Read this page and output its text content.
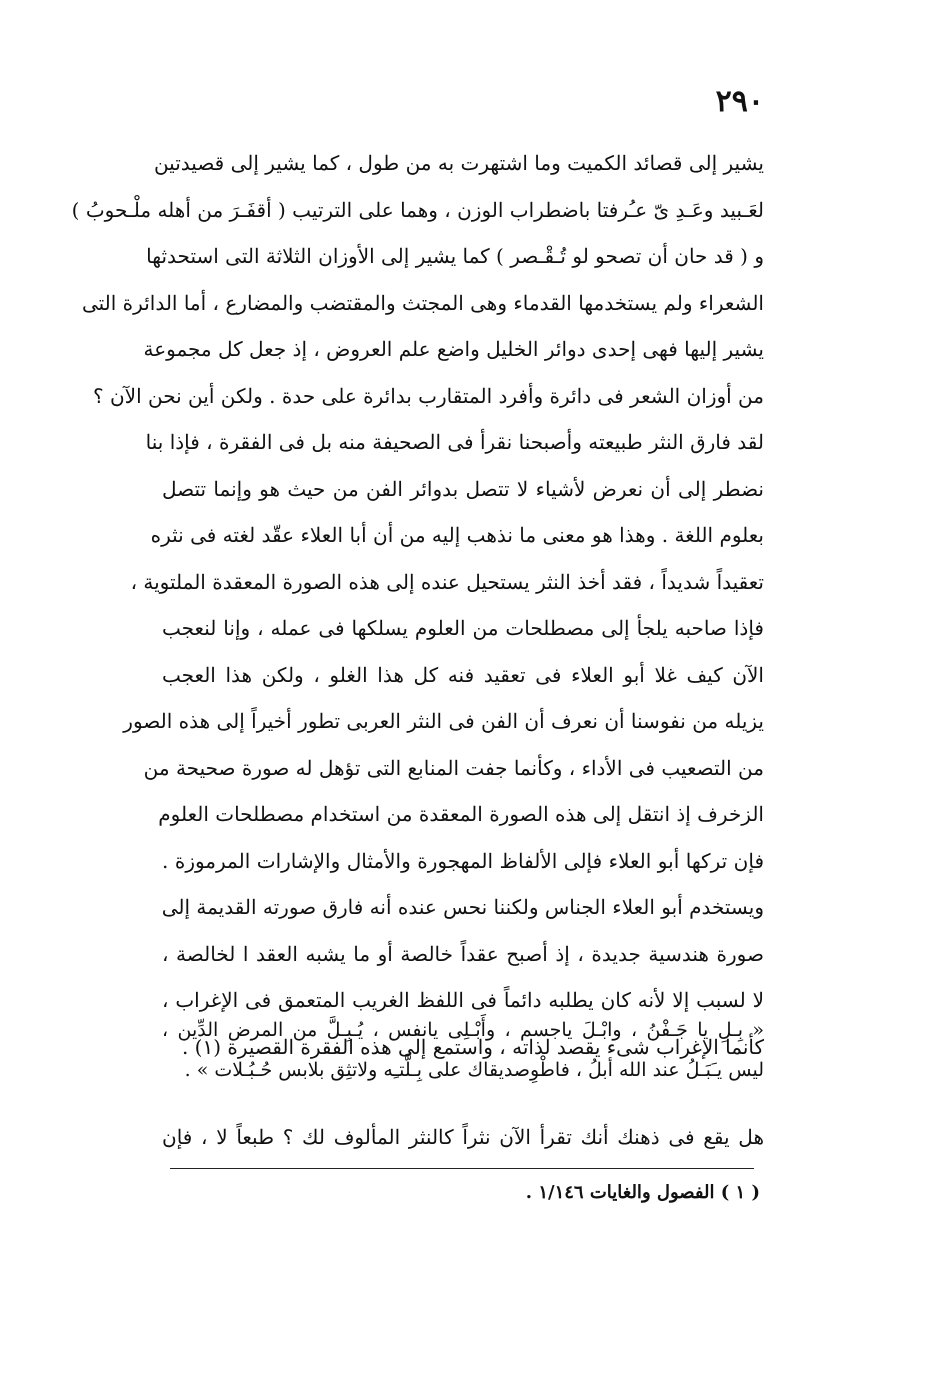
٢٩٠
يشير إلى قصائد الكميت وما اشتهرت به من طول ، كما يشير إلى قصيدتين
لعَـبيد وعَـدِ ىّ عـُرفتا باضطراب الوزن ، وهما على الترتيب ( أقفَـرَ من أهله ملْـحوبُ )
و ( قد حان أن تصحو لو تُـقْـصر ) كما يشير إلى الأوزان الثلاثة التى استحدثها
الشعراء ولم يستخدمها القدماء وهى المجتث والمقتضب والمضارع ، أما الدائرة التى
يشير إليها فهى إحدى دوائر الخليل واضع علم العروض ، إذ جعل كل مجموعة
من أوزان الشعر فى دائرة وأفرد المتقارب بدائرة على حدة . ولكن أين نحن الآن ؟
لقد فارق النثر طبيعته وأصبحنا نقرأ فى الصحيفة منه بل فى الفقرة ، فإذا بنا
نضطر إلى أن نعرض لأشياء لا تتصل بدوائر الفن من حيث هو وإنما تتصل
بعلوم اللغة . وهذا هو معنى ما نذهب إليه من أن أبا العلاء عقّد لغته فى نثره
تعقيداً شديداً ، فقد أخذ النثر يستحيل عنده إلى هذه الصورة المعقدة الملتوية ،
فإذا صاحبه يلجأ إلى مصطلحات من العلوم يسلكها فى عمله ، وإنا لنعجب
الآن كيف غلا أبو العلاء فى تعقيد فنه كل هذا الغلو ، ولكن هذا العجب
يزيله من نفوسنا أن نعرف أن الفن فى النثر العربى تطور أخيراً إلى هذه الصور
من التصعيب فى الأداء ، وكأنما جفت المنابع التى تؤهل له صورة صحيحة من
الزخرف إذ انتقل إلى هذه الصورة المعقدة من استخدام مصطلحات العلوم
فإن تركها أبو العلاء فإلى الألفاظ المهجورة والأمثال والإشارات المرموزة .
ويستخدم أبو العلاء الجناس ولكننا نحس عنده أنه فارق صورته القديمة إلى
صورة هندسية جديدة ، إذ أصبح عقداً خالصة أو ما يشبه العقد ا لخالصة ،
لا لسبب إلا لأنه كان يطلبه دائماً فى اللفظ الغريب المتعمق فى الإغراب ،
كأنما الإغراب شىء يقصد لذاته ، واستمع إلى هذه الفقرة القصيرة (١) .
« بِـلِ يا جَـفْنُ ، وابْـلَ ياجسم ، وأَبْـلِى يانفس ، يُـبِـلَّ من المرض الدِّين ،
ليس يـَبَـلُ عند الله أبلُ ، فاطْوِصديقاك على بِـلَّتـِه ولاتثِق بلابس حُـبُـلات » .
هل يقع فى ذهنك أنك تقرأ الآن نثراً كالنثر المألوف لك ؟ طبعاً لا ، فإن
( ١ ) الفصول والغايات ١/١٤٦ .
